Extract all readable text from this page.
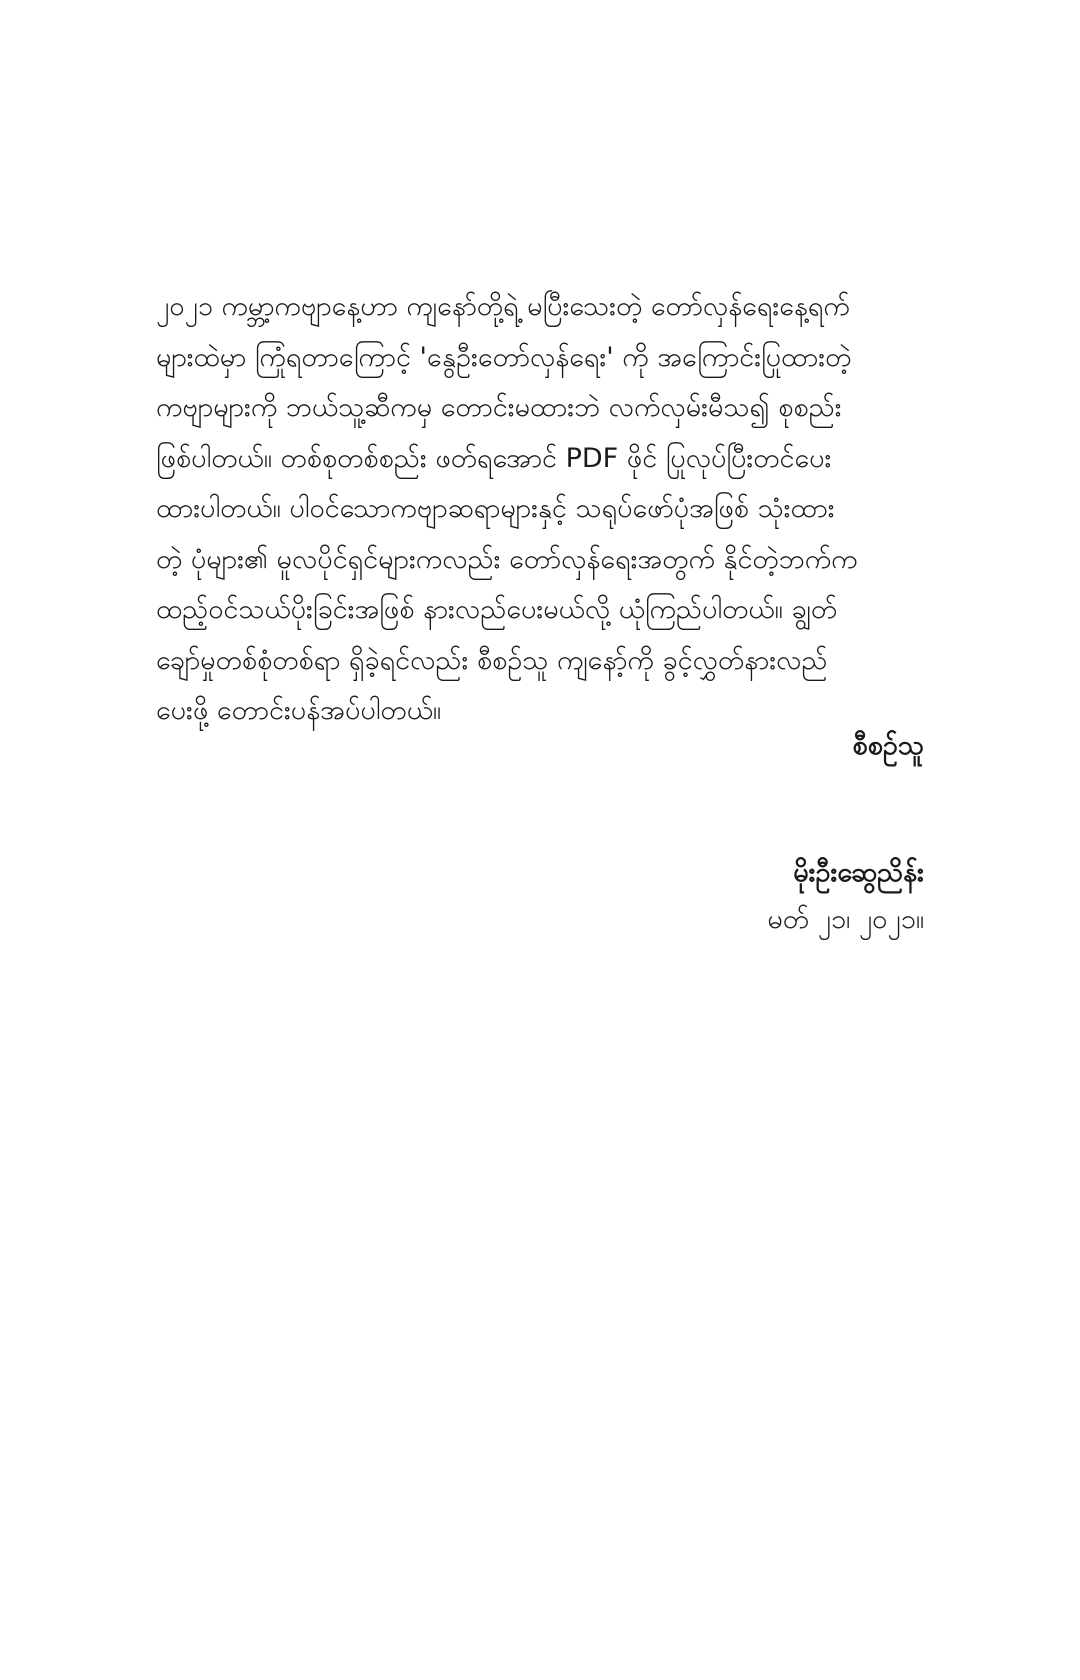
၂၀၂၁ ကမ္ဘာ့ကဗျာနေ့ဟာ ကျနော်တို့ရဲ့ မပြီးသေးတဲ့ တော်လှန်ရေးနေ့ရက်
များထဲမှာ ကြုံရတာကြောင့် 'နွေဦးတော်လှန်ရေး' ကို အကြောင်းပြုထားတဲ့
ကဗျာများကို ဘယ်သူ့ဆီကမှ တောင်းမထားဘဲ လက်လှမ်းမီသ၍ စုစည်း
ဖြစ်ပါတယ်။ တစ်စုတစ်စည်း ဖတ်ရအောင် PDF ဖိုင် ပြုလုပ်ပြီးတင်ပေး
ထားပါတယ်။ ပါဝင်သောကဗျာဆရာများနှင့် သရုပ်ဖော်ပုံအဖြစ် သုံးထား
တဲ့ ပုံများ၏ မူလပိုင်ရှင်များကလည်း တော်လှန်ရေးအတွက် နိုင်တဲ့ဘက်က
ထည့်ဝင်သယ်ပိုးခြင်းအဖြစ် နားလည်ပေးမယ်လို့ ယုံကြည်ပါတယ်။ ချွတ်
ချော်မှုတစ်စုံတစ်ရာ ရှိခဲ့ရင်လည်း စီစဉ်သူ ကျနော့်ကို ခွင့်လွှတ်နားလည်
ပေးဖို့ တောင်းပန်အပ်ပါတယ်။

စီစဉ်သူ

မိုးဦးဆွေညိန်း

မတ် ၂၁၊ ၂၀၂၁။
